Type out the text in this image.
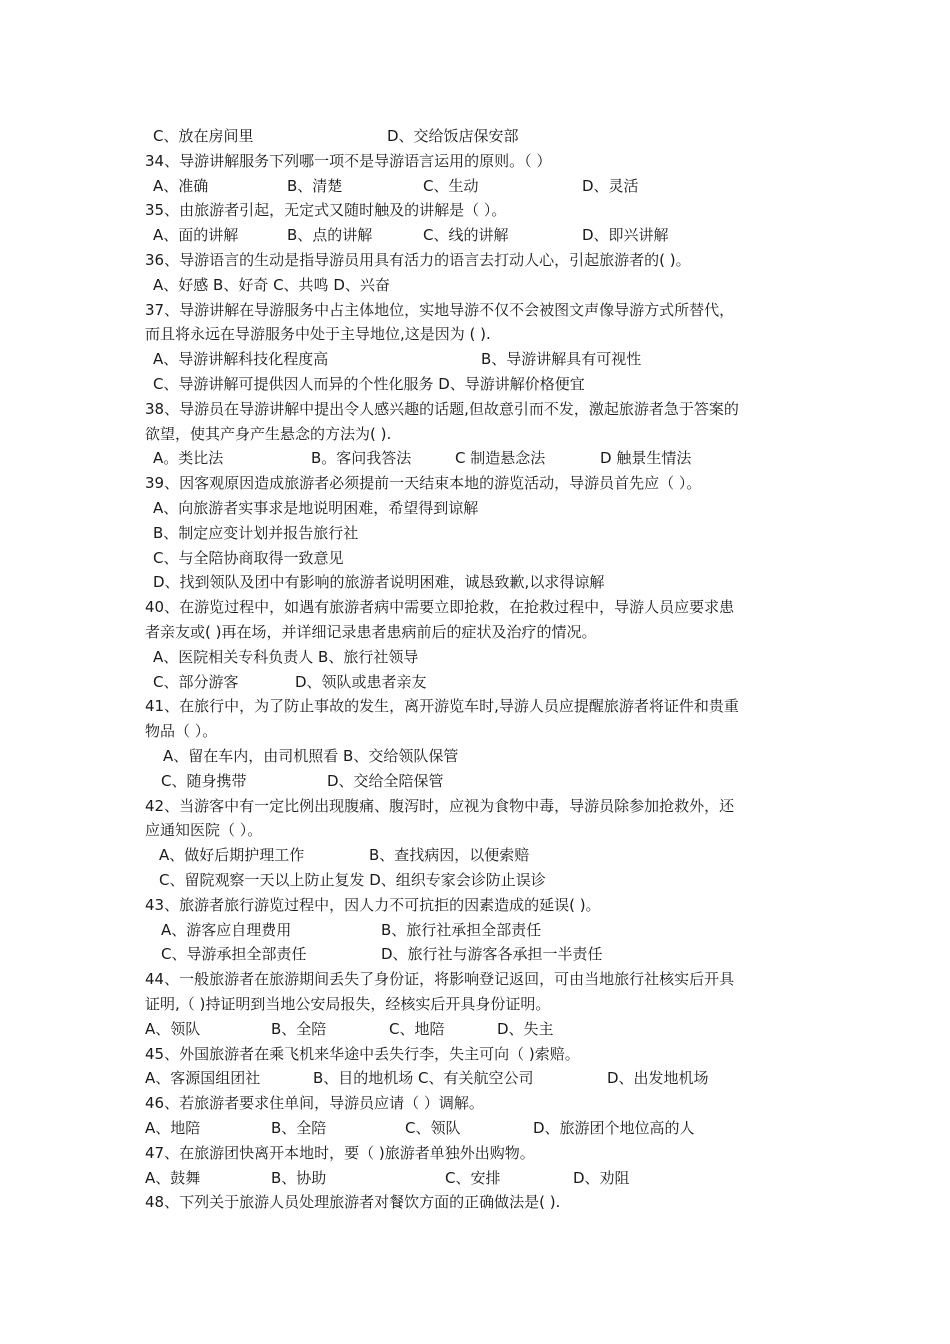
C、放在房间里	D、交给饭店保安部
34、导游讲解服务下列哪一项不是导游语言运用的原则。（ ）
A、准确	B、清楚	C、生动	D、灵活
35、由旅游者引起，无定式又随时触及的讲解是（ ）。
A、面的讲解	B、点的讲解	C、线的讲解	D、即兴讲解
36、导游语言的生动是指导游员用具有活力的语言去打动人心，引起旅游者的( )。
A、好感 B、好奇 C、共鸣 D、兴奋
37、导游讲解在导游服务中占主体地位，实地导游不仅不会被图文声像导游方式所替代，
而且将永远在导游服务中处于主导地位,这是因为 ( ).
A、导游讲解科技化程度高	B、导游讲解具有可视性
C、导游讲解可提供因人而异的个性化服务 D、导游讲解价格便宜
38、导游员在导游讲解中提出令人感兴趣的话题,但故意引而不发，激起旅游者急于答案的
欲望，使其产身产生悬念的方法为( ).
A。类比法	B。客问我答法	C 制造悬念法	D 触景生情法
39、因客观原因造成旅游者必须提前一天结束本地的游览活动，导游员首先应（ ）。
A、向旅游者实事求是地说明困难，希望得到谅解
B、制定应变计划并报告旅行社
C、与全陪协商取得一致意见
D、找到领队及团中有影响的旅游者说明困难，诚恳致歉,以求得谅解
40、在游览过程中，如遇有旅游者病中需要立即抢救，在抢救过程中，导游人员应要求患
者亲友或( )再在场，并详细记录患者患病前后的症状及治疗的情况。
A、医院相关专科负责人 B、旅行社领导
C、部分游客	D、领队或患者亲友
41、在旅行中，为了防止事故的发生，离开游览车时,导游人员应提醒旅游者将证件和贵重
物品（ ）。
A、留在车内，由司机照看 B、交给领队保管
C、随身携带	D、交给全陪保管
42、当游客中有一定比例出现腹痛、腹泻时，应视为食物中毒，导游员除参加抢救外，还
应通知医院（ ）。
A、做好后期护理工作	B、查找病因，以便索赔
C、留院观察一天以上防止复发 D、组织专家会诊防止误诊
43、旅游者旅行游览过程中，因人力不可抗拒的因素造成的延误( )。
A、游客应自理费用	B、旅行社承担全部责任
C、导游承担全部责任	D、旅行社与游客各承担一半责任
44、一般旅游者在旅游期间丢失了身份证，将影响登记返回，可由当地旅行社核实后开具
证明,（ )持证明到当地公安局报失，经核实后开具身份证明。
A、领队	B、全陪	C、地陪	D、失主
45、外国旅游者在乘飞机来华途中丢失行李，失主可向（ )索赔。
A、客源国组团社	B、目的地机场 C、有关航空公司	D、出发地机场
46、若旅游者要求住单间，导游员应请（ ）调解。
A、地陪	B、全陪	C、领队	D、旅游团个地位高的人
47、在旅游团快离开本地时，要（ )旅游者单独外出购物。
A、鼓舞	B、协助	C、安排	D、劝阻
48、下列关于旅游人员处理旅游者对餐饮方面的正确做法是( ).
